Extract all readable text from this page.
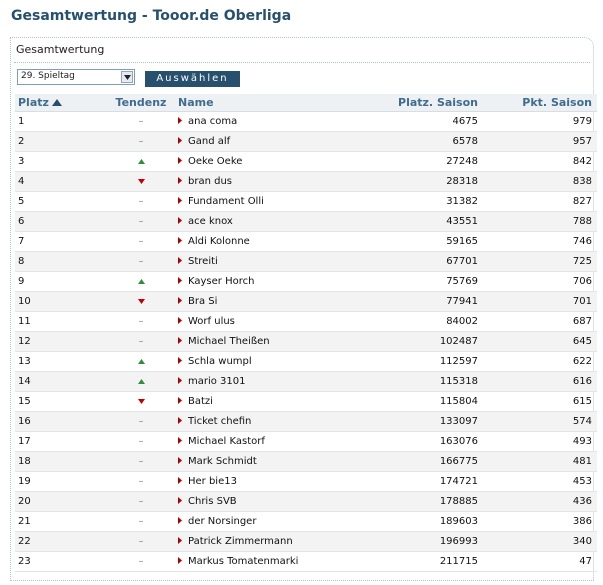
Gesamtwertung - Tooor.de Oberliga
Gesamtwertung
29. Spieltag	Auswählen
Platz	Tendenz	Name	Platz. Saison	Pkt. Saison
1	–	ana coma	4675	979
2	–	Gand alf	6578	957
3		Oeke Oeke	27248	842
4		bran dus	28318	838
5	–	Fundament Olli	31382	827
6	–	ace knox	43551	788
7	–	Aldi Kolonne	59165	746
8	–	Streiti	67701	725
9		Kayser Horch	75769	706
10		Bra Si	77941	701
11	–	Worf ulus	84002	687
12	–	Michael Theißen	102487	645
13		Schla wumpl	112597	622
14		mario 3101	115318	616
15		Batzi	115804	615
16	–	Ticket chefin	133097	574
17	–	Michael Kastorf	163076	493
18	–	Mark Schmidt	166775	481
19	–	Her bie13	174721	453
20	–	Chris SVB	178885	436
21	–	der Norsinger	189603	386
22	–	Patrick Zimmermann	196993	340
23	–	Markus Tomatenmarki	211715	47
